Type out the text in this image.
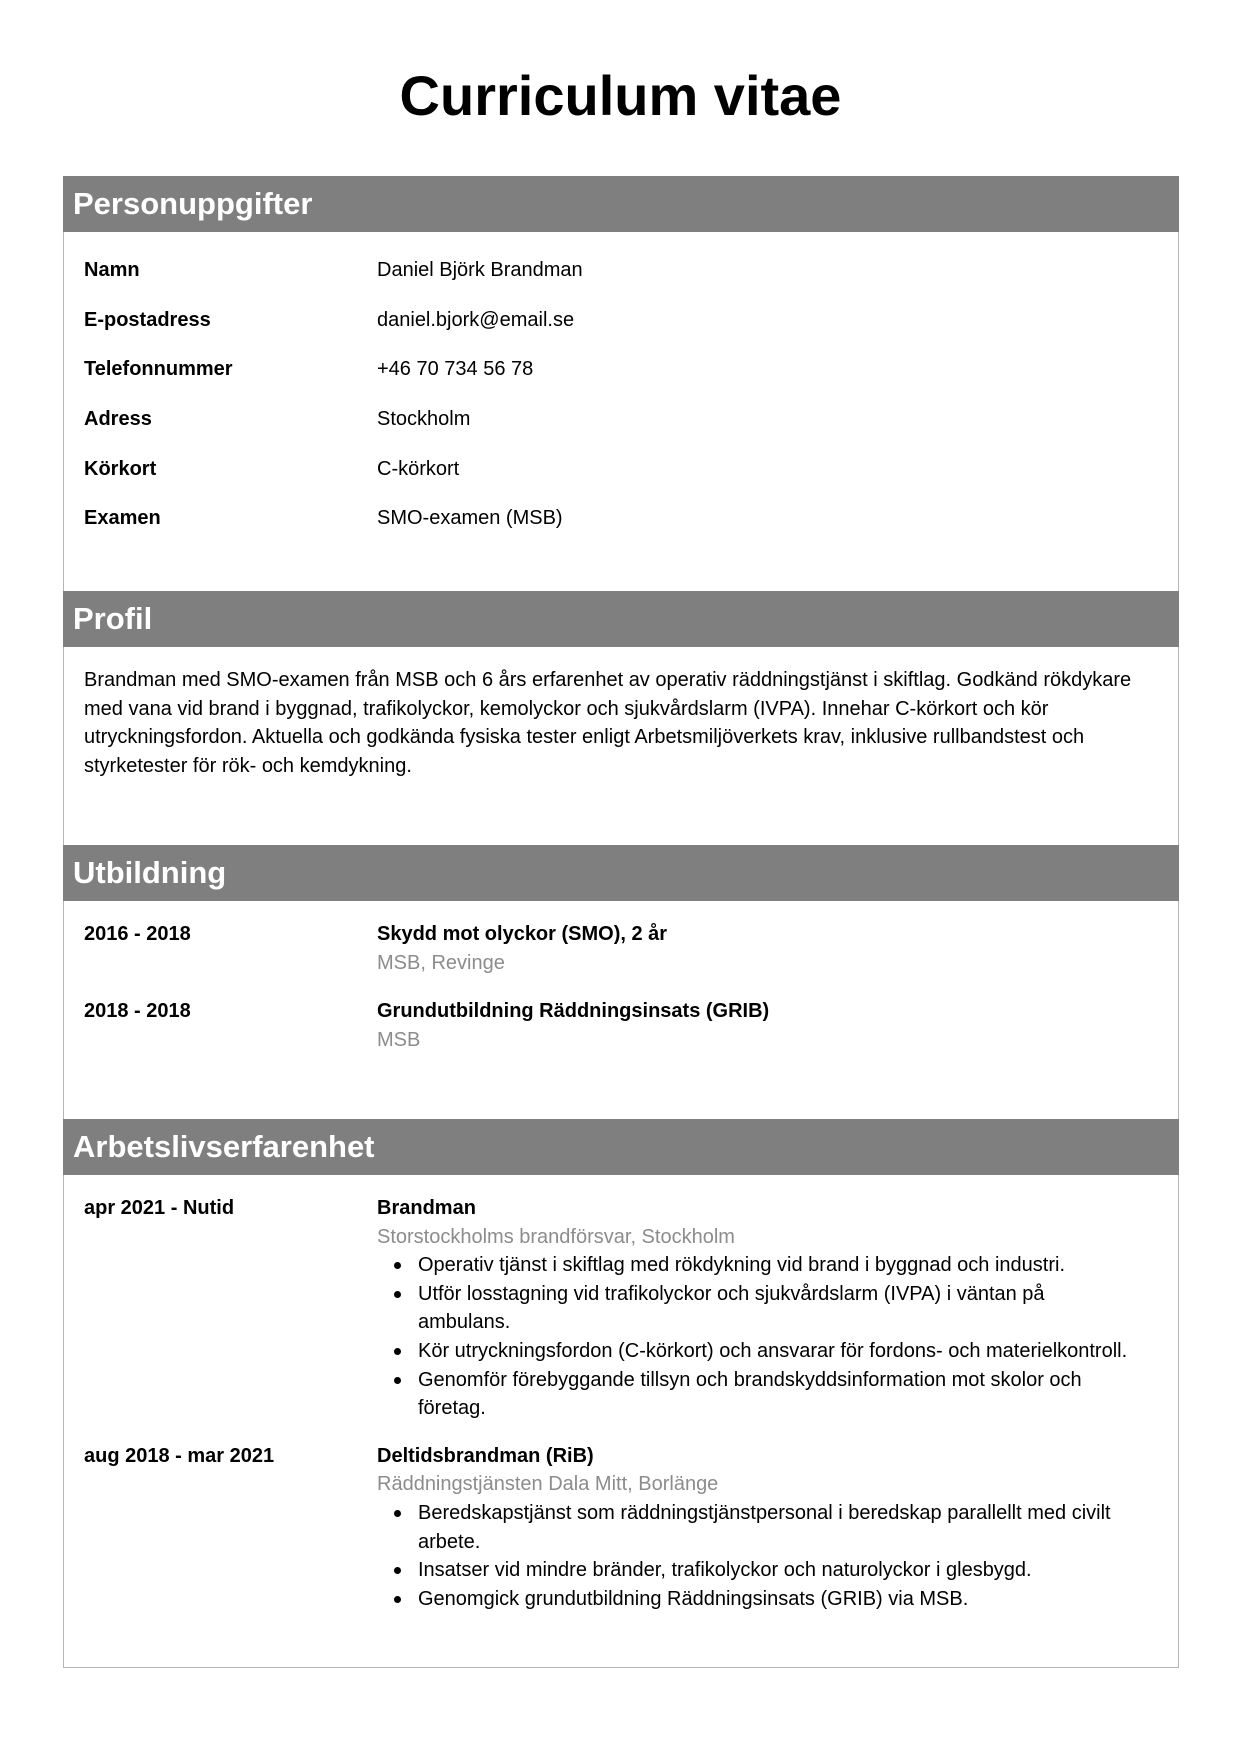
Curriculum vitae
Personuppgifter
Namn	Daniel Björk Brandman
E-postadress	daniel.bjork@email.se
Telefonnummer	+46 70 734 56 78
Adress	Stockholm
Körkort	C-körkort
Examen	SMO-examen (MSB)
Profil

Brandman med SMO-examen från MSB och 6 års erfarenhet av operativ räddningstjänst i skiftlag. Godkänd rökdykare med vana vid brand i byggnad, trafikolyckor, kemolyckor och sjukvårdslarm (IVPA). Innehar C-körkort och kör utryckningsfordon. Aktuella och godkända fysiska tester enligt Arbetsmiljöverkets krav, inklusive rullbandstest och styrketester för rök- och kemdykning.

Utbildning
2016 - 2018	Skydd mot olyckor (SMO), 2 år
MSB, Revinge
2018 - 2018	Grundutbildning Räddningsinsats (GRIB)
MSB
Arbetslivserfarenhet
apr 2021 - Nutid	Brandman
Storstockholms brandförsvar, Stockholm
Operativ tjänst i skiftlag med rökdykning vid brand i byggnad och industri.
Utför losstagning vid trafikolyckor och sjukvårdslarm (IVPA) i väntan på ambulans.
Kör utryckningsfordon (C-körkort) och ansvarar för fordons- och materielkontroll.
Genomför förebyggande tillsyn och brandskyddsinformation mot skolor och företag.
aug 2018 - mar 2021	Deltidsbrandman (RiB)
Räddningstjänsten Dala Mitt, Borlänge
Beredskapstjänst som räddningstjänstpersonal i beredskap parallellt med civilt arbete.
Insatser vid mindre bränder, trafikolyckor och naturolyckor i glesbygd.
Genomgick grundutbildning Räddningsinsats (GRIB) via MSB.
